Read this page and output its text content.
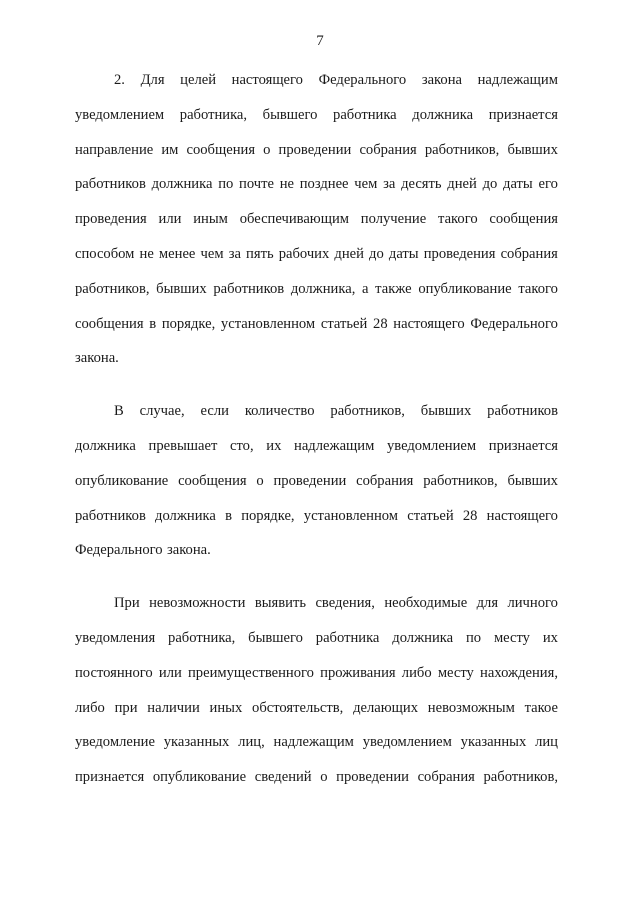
7
2. Для целей настоящего Федерального закона надлежащим
уведомлением работника, бывшего работника должника признается
направление им сообщения о проведении собрания работников, бывших
работников должника по почте не позднее чем за десять дней до даты его
проведения или иным обеспечивающим получение такого сообщения
способом не менее чем за пять рабочих дней до даты проведения собрания
работников, бывших работников должника, а также опубликование такого
сообщения в порядке, установленном статьей 28 настоящего Федерального
закона.
В случае, если количество работников, бывших работников
должника превышает сто, их надлежащим уведомлением признается
опубликование сообщения о проведении собрания работников, бывших
работников должника в порядке, установленном статьей 28 настоящего
Федерального закона.
При невозможности выявить сведения, необходимые для личного
уведомления работника, бывшего работника должника по месту их
постоянного или преимущественного проживания либо месту нахождения,
либо при наличии иных обстоятельств, делающих невозможным такое
уведомление указанных лиц, надлежащим уведомлением указанных лиц
признается опубликование сведений о проведении собрания работников,
